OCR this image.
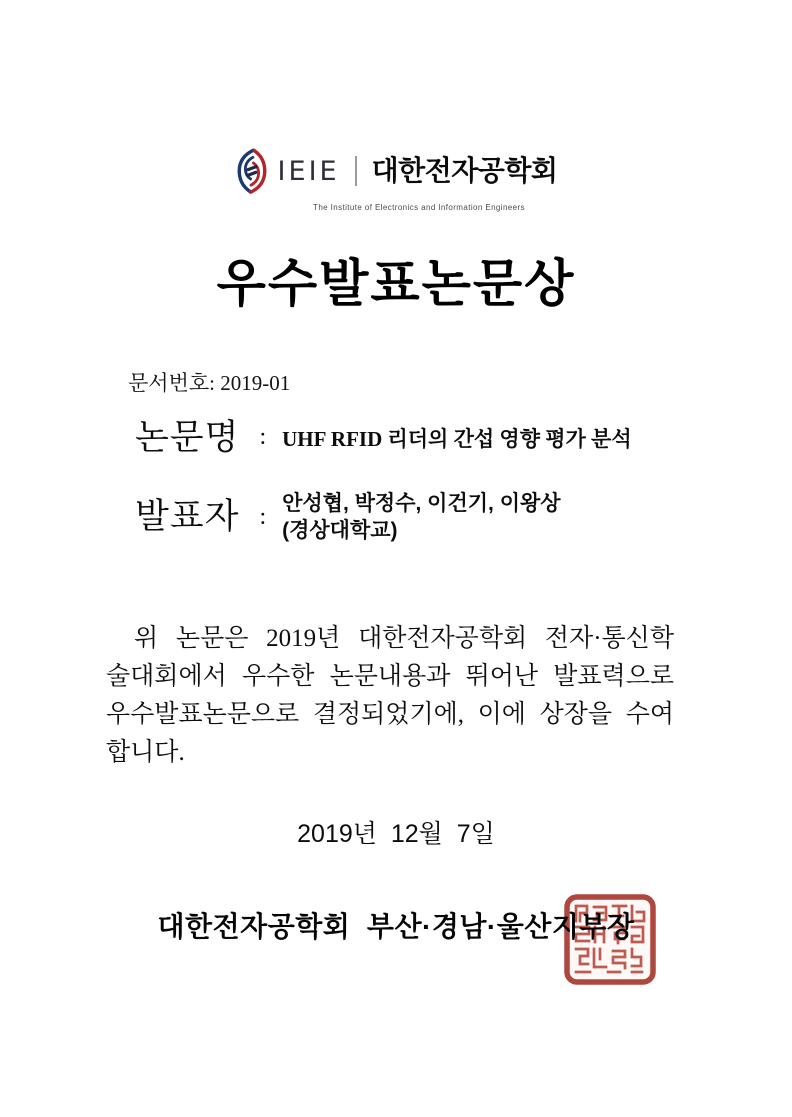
IEIE 대한전자공학회
The Institute of Electronics and Information Engineers
우수발표논문상
문서번호: 2019-01
논문명 : UHF RFID 리더의 간섭 영향 평가 분석
발표자 : 안성협, 박정수, 이건기, 이왕상
(경상대학교)

위 논문은 2019년 대한전자공학회 전자·통신학술대회에서 우수한 논문내용과 뛰어난 발표력으로 우수발표논문으로 결정되었기에, 이에 상장을 수여합니다.

2019년 12월 7일
대한전자공학회  부산·경남·울산지부장
